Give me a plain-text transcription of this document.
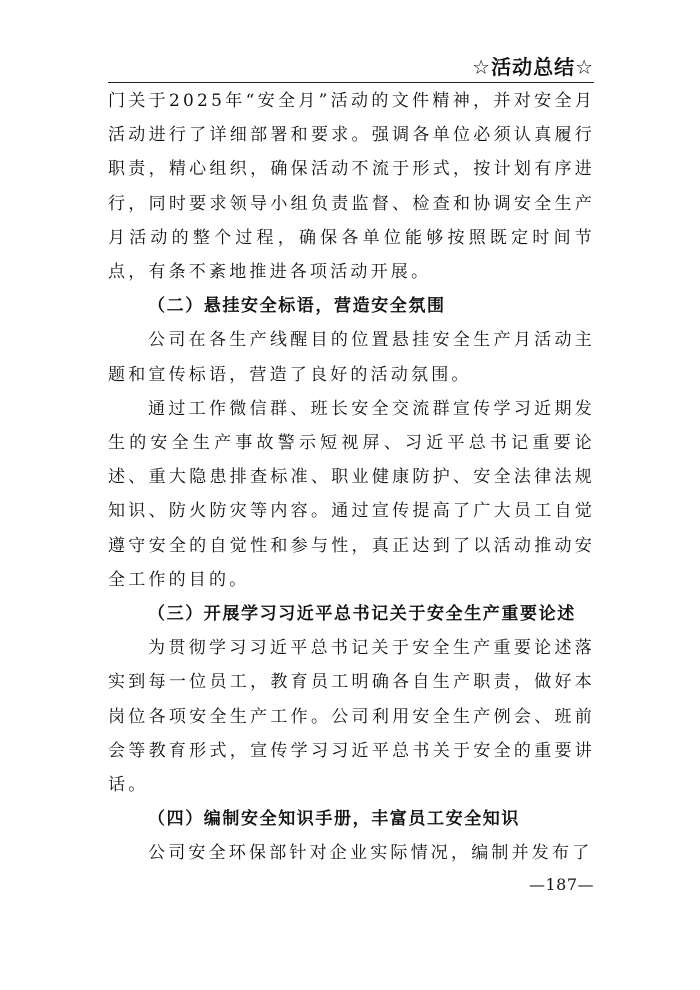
☆活动总结☆

门关于2025年“安全月”活动的文件精神，并对安全月活动进行了详细部署和要求。强调各单位必须认真履行职责，精心组织，确保活动不流于形式，按计划有序进行，同时要求领导小组负责监督、检查和协调安全生产月活动的整个过程，确保各单位能够按照既定时间节点，有条不紊地推进各项活动开展。

（二）悬挂安全标语，营造安全氛围

公司在各生产线醒目的位置悬挂安全生产月活动主题和宣传标语，营造了良好的活动氛围。

通过工作微信群、班长安全交流群宣传学习近期发生的安全生产事故警示短视屏、习近平总书记重要论述、重大隐患排查标准、职业健康防护、安全法律法规知识、防火防灾等内容。通过宣传提高了广大员工自觉遵守安全的自觉性和参与性，真正达到了以活动推动安全工作的目的。

（三）开展学习习近平总书记关于安全生产重要论述

为贯彻学习习近平总书记关于安全生产重要论述落实到每一位员工，教育员工明确各自生产职责，做好本岗位各项安全生产工作。公司利用安全生产例会、班前会等教育形式，宣传学习习近平总书关于安全的重要讲话。

（四）编制安全知识手册，丰富员工安全知识

公司安全环保部针对企业实际情况，编制并发布了

—187—
